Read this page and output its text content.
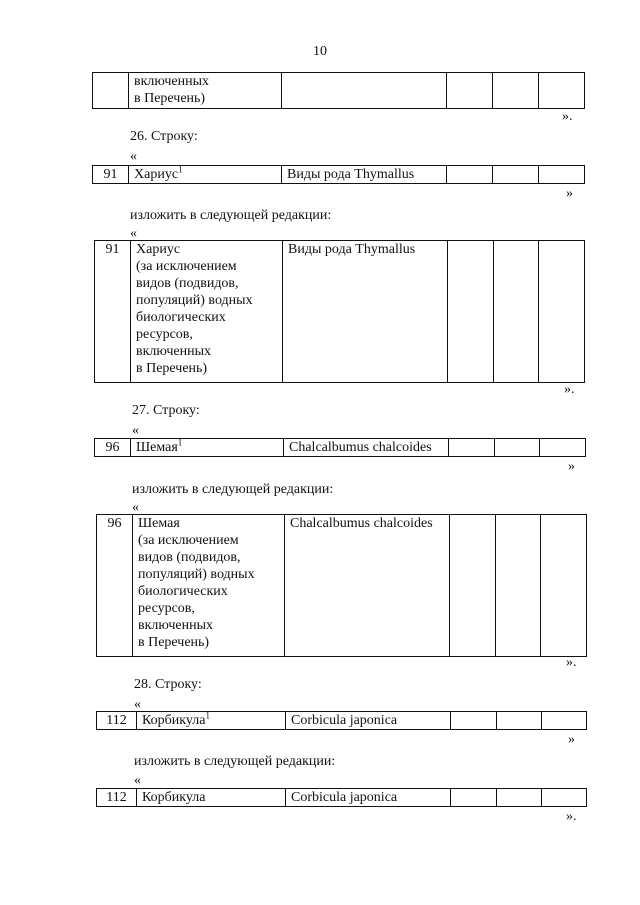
10
	включенных
в Перечень)				
».
26. Строку:
«
91	Хариус$^1$	Виды рода Thymallus			
»
изложить в следующей редакции:
«
91	Хариус
(за исключением
видов (подвидов,
популяций) водных
биологических
ресурсов,
включенных
в Перечень)	Виды рода Thymallus			
».
27. Строку:
«
96	Шемая$^1$	Chalcalbumus chalcoides			
»
изложить в следующей редакции:
«
96	Шемая
(за исключением
видов (подвидов,
популяций) водных
биологических
ресурсов,
включенных
в Перечень)	Chalcalbumus chalcoides			
».
28. Строку:
«
112	Корбикула$^1$	Corbicula japonica			
»
изложить в следующей редакции:
«
112	Корбикула	Corbicula japonica			
».
